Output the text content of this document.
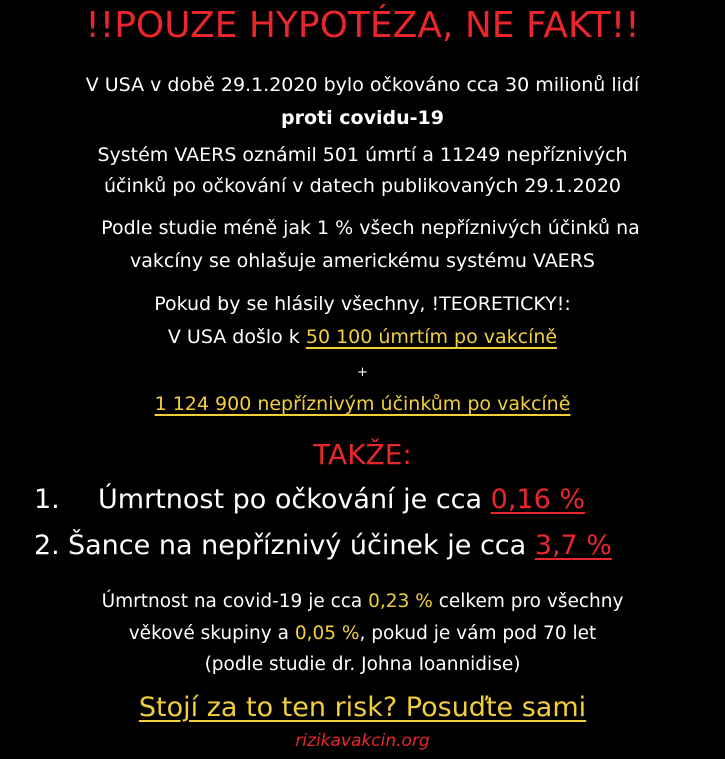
!!POUZE HYPOTÉZA, NE FAKT!!
V USA v době 29.1.2020 bylo očkováno cca 30 milionů lidí
proti covidu-19
Systém VAERS oznámil 501 úmrtí a 11249 nepříznivých
účinků po očkování v datech publikovaných 29.1.2020
Podle studie méně jak 1 % všech nepříznivých účinků na
vakcíny se ohlašuje americkému systému VAERS
Pokud by se hlásily všechny, !TEORETICKY!:
V USA došlo k 50 100 úmrtím po vakcíně
+
1 124 900 nepříznivým účinkům po vakcíně
TAKŽE:
1. Úmrtnost po očkování je cca 0,16 %
2. Šance na nepříznivý účinek je cca 3,7 %
Úmrtnost na covid-19 je cca 0,23 % celkem pro všechny
věkové skupiny a 0,05 %, pokud je vám pod 70 let
(podle studie dr. Johna Ioannidise)
Stojí za to ten risk? Posuďte sami
rizikavakcin.org
